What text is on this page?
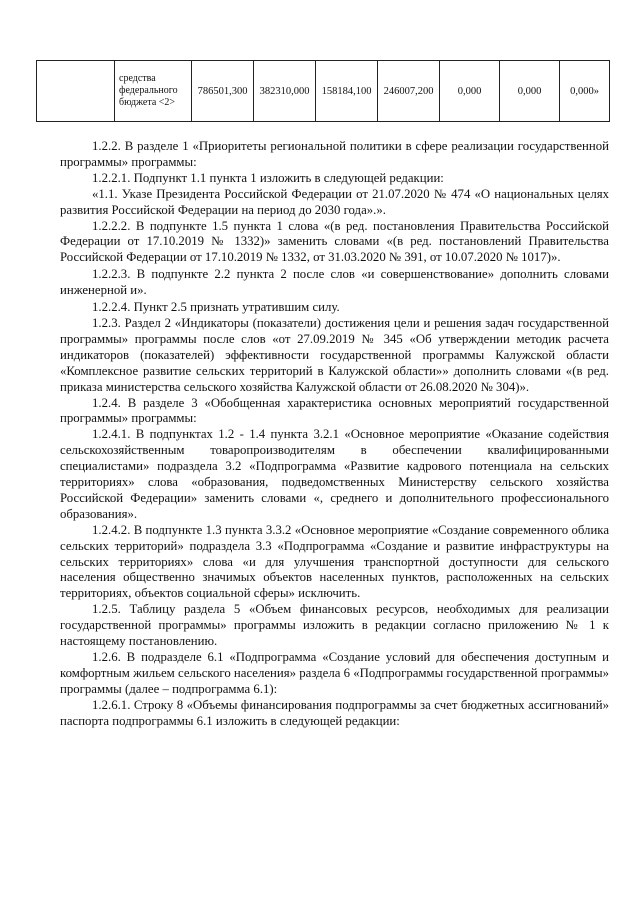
	средства федерального бюджета <2>	786501,300	382310,000	158184,100	246007,200	0,000	0,000	0,000»

1.2.2. В разделе 1 «Приоритеты региональной политики в сфере реализации государственной программы» программы:

1.2.2.1. Подпункт 1.1 пункта 1 изложить в следующей редакции:

«1.1. Указе Президента Российской Федерации от 21.07.2020 № 474 «О национальных целях развития Российской Федерации на период до 2030 года».».

1.2.2.2. В подпункте 1.5 пункта 1 слова «(в ред. постановления Правительства Российской Федерации от 17.10.2019 № 1332)» заменить словами «(в ред. постановлений Правительства Российской Федерации от 17.10.2019 № 1332, от 31.03.2020 № 391, от 10.07.2020 № 1017)».

1.2.2.3. В подпункте 2.2 пункта 2 после слов «и совершенствование» дополнить словами инженерной и».

1.2.2.4. Пункт 2.5 признать утратившим силу.

1.2.3. Раздел 2 «Индикаторы (показатели) достижения цели и решения задач государственной программы» программы после слов «от 27.09.2019 № 345 «Об утверждении методик расчета индикаторов (показателей) эффективности государственной программы Калужской области «Комплексное развитие сельских территорий в Калужской области»» дополнить словами «(в ред. приказа министерства сельского хозяйства Калужской области от 26.08.2020 № 304)».

1.2.4. В разделе 3 «Обобщенная характеристика основных мероприятий государственной программы» программы:

1.2.4.1. В подпунктах 1.2 - 1.4 пункта 3.2.1 «Основное мероприятие «Оказание содействия сельскохозяйственным товаропроизводителям в обеспечении квалифицированными специалистами» подраздела 3.2 «Подпрограмма «Развитие кадрового потенциала на сельских территориях» слова «образования, подведомственных Министерству сельского хозяйства Российской Федерации» заменить словами «, среднего и дополнительного профессионального образования».

1.2.4.2. В подпункте 1.3 пункта 3.3.2 «Основное мероприятие «Создание современного облика сельских территорий» подраздела 3.3 «Подпрограмма «Создание и развитие инфраструктуры на сельских территориях» слова «и для улучшения транспортной доступности для сельского населения общественно значимых объектов населенных пунктов, расположенных на сельских территориях, объектов социальной сферы» исключить.

1.2.5. Таблицу раздела 5 «Объем финансовых ресурсов, необходимых для реализации государственной программы» программы изложить в редакции согласно приложению № 1 к настоящему постановлению.

1.2.6. В подразделе 6.1 «Подпрограмма «Создание условий для обеспечения доступным и комфортным жильем сельского населения» раздела 6 «Подпрограммы государственной программы» программы (далее – подпрограмма 6.1):

1.2.6.1. Строку 8 «Объемы финансирования подпрограммы за счет бюджетных ассигнований» паспорта подпрограммы 6.1 изложить в следующей редакции:
